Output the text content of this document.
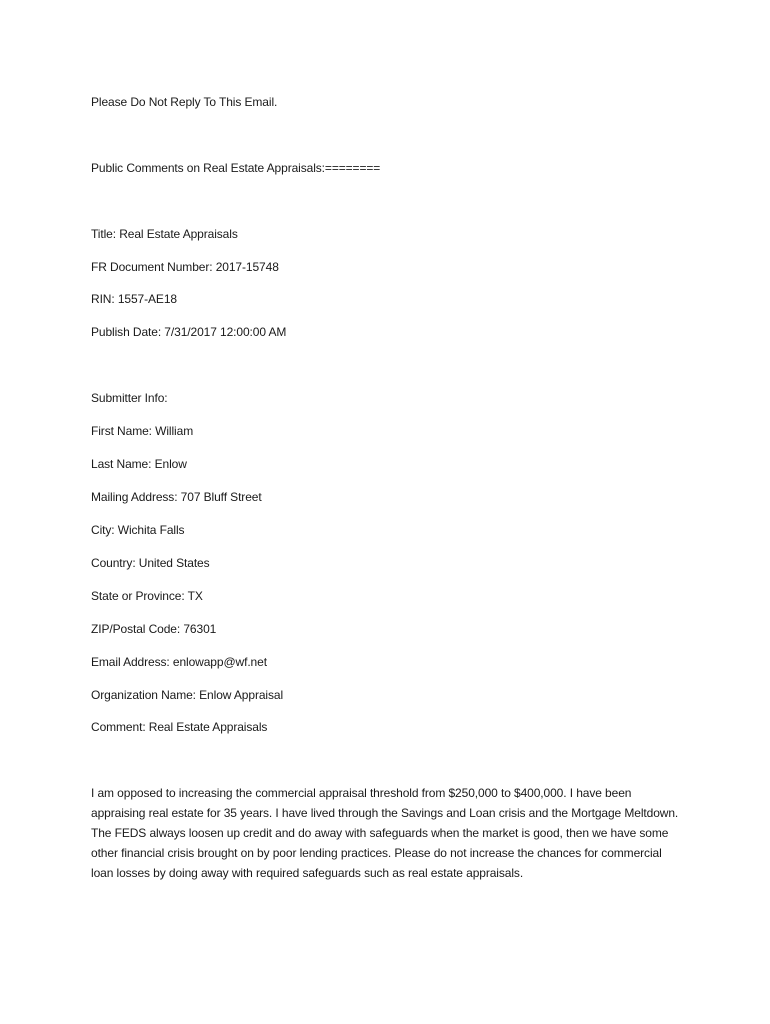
Please Do Not Reply To This Email.
Public Comments on Real Estate Appraisals:========
Title: Real Estate Appraisals
FR Document Number: 2017-15748
RIN: 1557-AE18
Publish Date: 7/31/2017 12:00:00 AM
Submitter Info:
First Name: William
Last Name: Enlow
Mailing Address: 707 Bluff Street
City: Wichita Falls
Country: United States
State or Province: TX
ZIP/Postal Code: 76301
Email Address: enlowapp@wf.net
Organization Name: Enlow Appraisal
Comment: Real Estate Appraisals
I am opposed to increasing the commercial appraisal threshold from $250,000 to $400,000. I have been appraising real estate for 35 years. I have lived through the Savings and Loan crisis and the Mortgage Meltdown. The FEDS always loosen up credit and do away with safeguards when the market is good, then we have some other financial crisis brought on by poor lending practices. Please do not increase the chances for commercial loan losses by doing away with required safeguards such as real estate appraisals.
